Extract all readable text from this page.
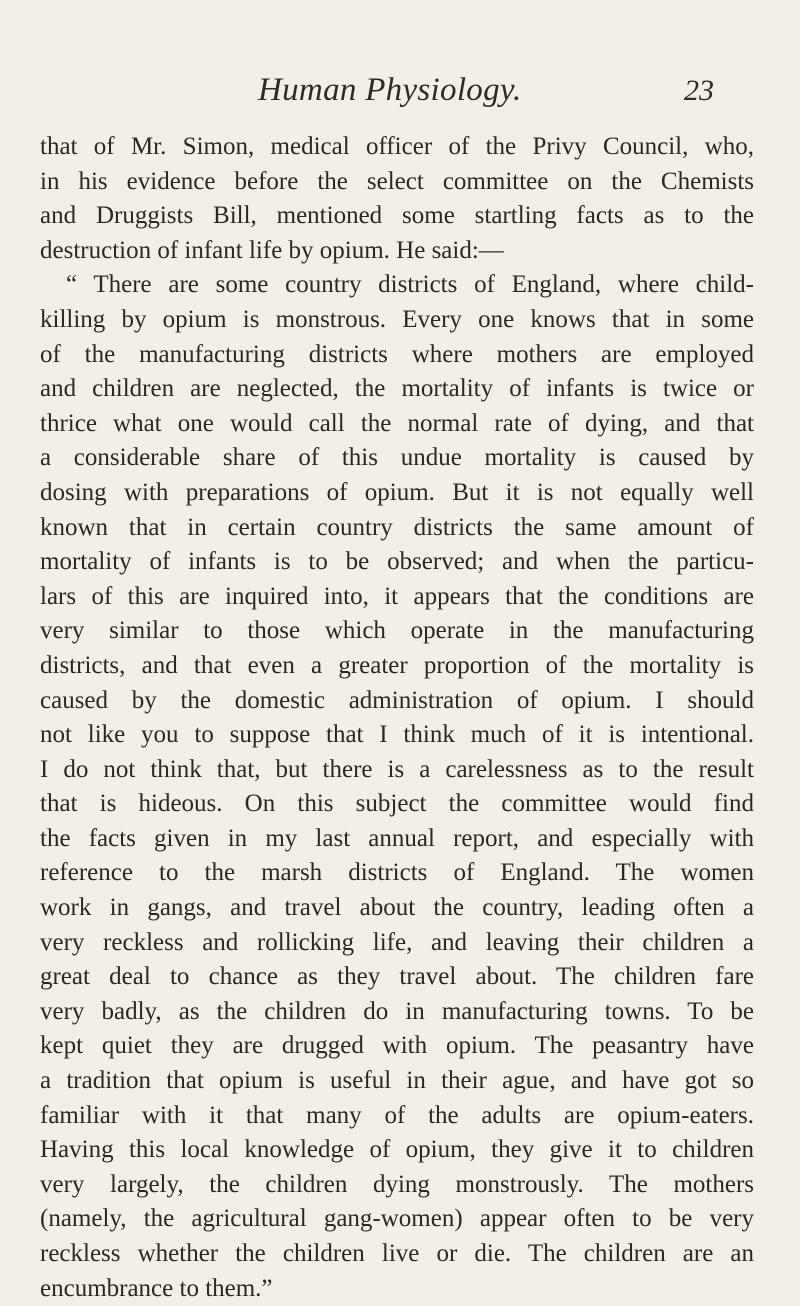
Human Physiology.	23
that of Mr. Simon, medical officer of the Privy Council, who,
in his evidence before the select committee on the Chemists
and Druggists Bill, mentioned some startling facts as to the
destruction of infant life by opium. He said:—
“ There are some country districts of England, where child-
killing by opium is monstrous. Every one knows that in some
of the manufacturing districts where mothers are employed
and children are neglected, the mortality of infants is twice or
thrice what one would call the normal rate of dying, and that
a considerable share of this undue mortality is caused by
dosing with preparations of opium. But it is not equally well
known that in certain country districts the same amount of
mortality of infants is to be observed; and when the particu-
lars of this are inquired into, it appears that the conditions are
very similar to those which operate in the manufacturing
districts, and that even a greater proportion of the mortality is
caused by the domestic administration of opium. I should
not like you to suppose that I think much of it is intentional.
I do not think that, but there is a carelessness as to the result
that is hideous. On this subject the committee would find
the facts given in my last annual report, and especially with
reference to the marsh districts of England. The women
work in gangs, and travel about the country, leading often a
very reckless and rollicking life, and leaving their children a
great deal to chance as they travel about. The children fare
very badly, as the children do in manufacturing towns. To be
kept quiet they are drugged with opium. The peasantry have
a tradition that opium is useful in their ague, and have got so
familiar with it that many of the adults are opium-eaters.
Having this local knowledge of opium, they give it to children
very largely, the children dying monstrously. The mothers
(namely, the agricultural gang-women) appear often to be very
reckless whether the children live or die. The children are an
encumbrance to them.”
